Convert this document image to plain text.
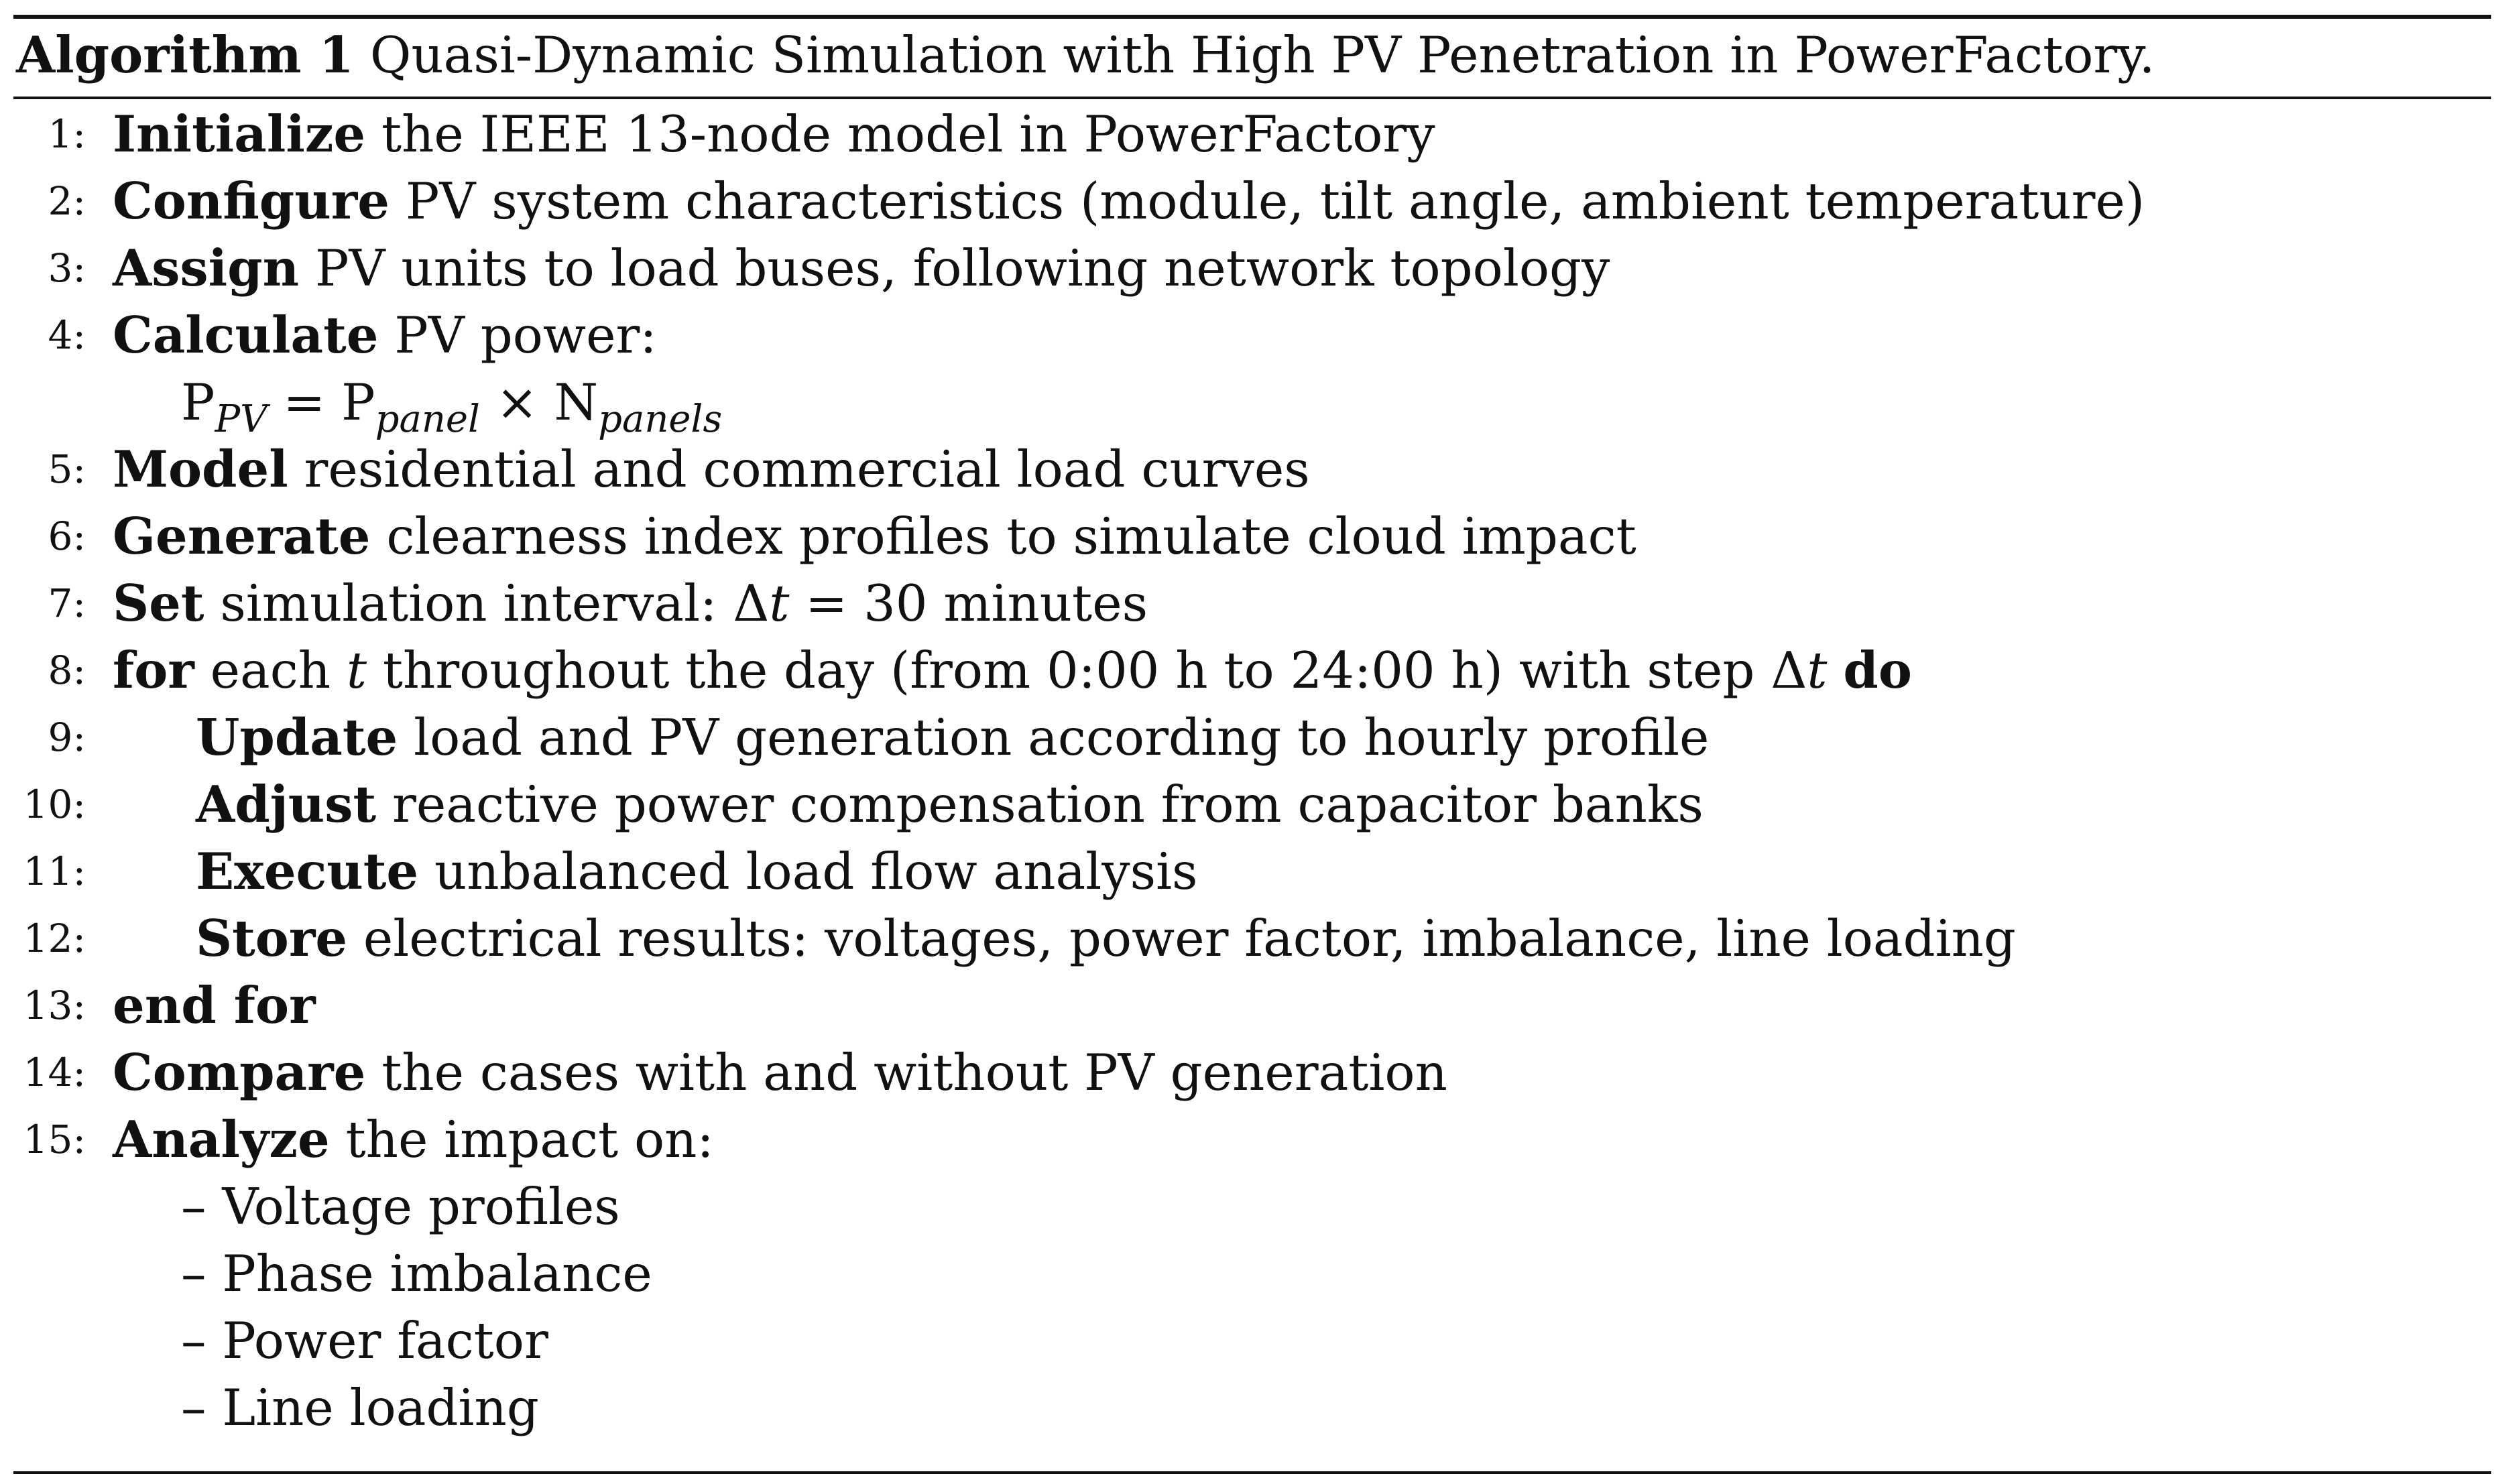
Algorithm 1 Quasi-Dynamic Simulation with High PV Penetration in PowerFactory.
1: Initialize the IEEE 13-node model in PowerFactory
2: Configure PV system characteristics (module, tilt angle, ambient temperature)
3: Assign PV units to load buses, following network topology
4: Calculate PV power:
$P_{PV} = P_{panel} \times N_{panels}$
5: Model residential and commercial load curves
6: Generate clearness index profiles to simulate cloud impact
7: Set simulation interval: Δt = 30 minutes
8: for each t throughout the day (from 0:00 h to 24:00 h) with step Δt do
9: Update load and PV generation according to hourly profile
10: Adjust reactive power compensation from capacitor banks
11: Execute unbalanced load flow analysis
12: Store electrical results: voltages, power factor, imbalance, line loading
13: end for
14: Compare the cases with and without PV generation
15: Analyze the impact on:
– Voltage profiles
– Phase imbalance
– Power factor
– Line loading
